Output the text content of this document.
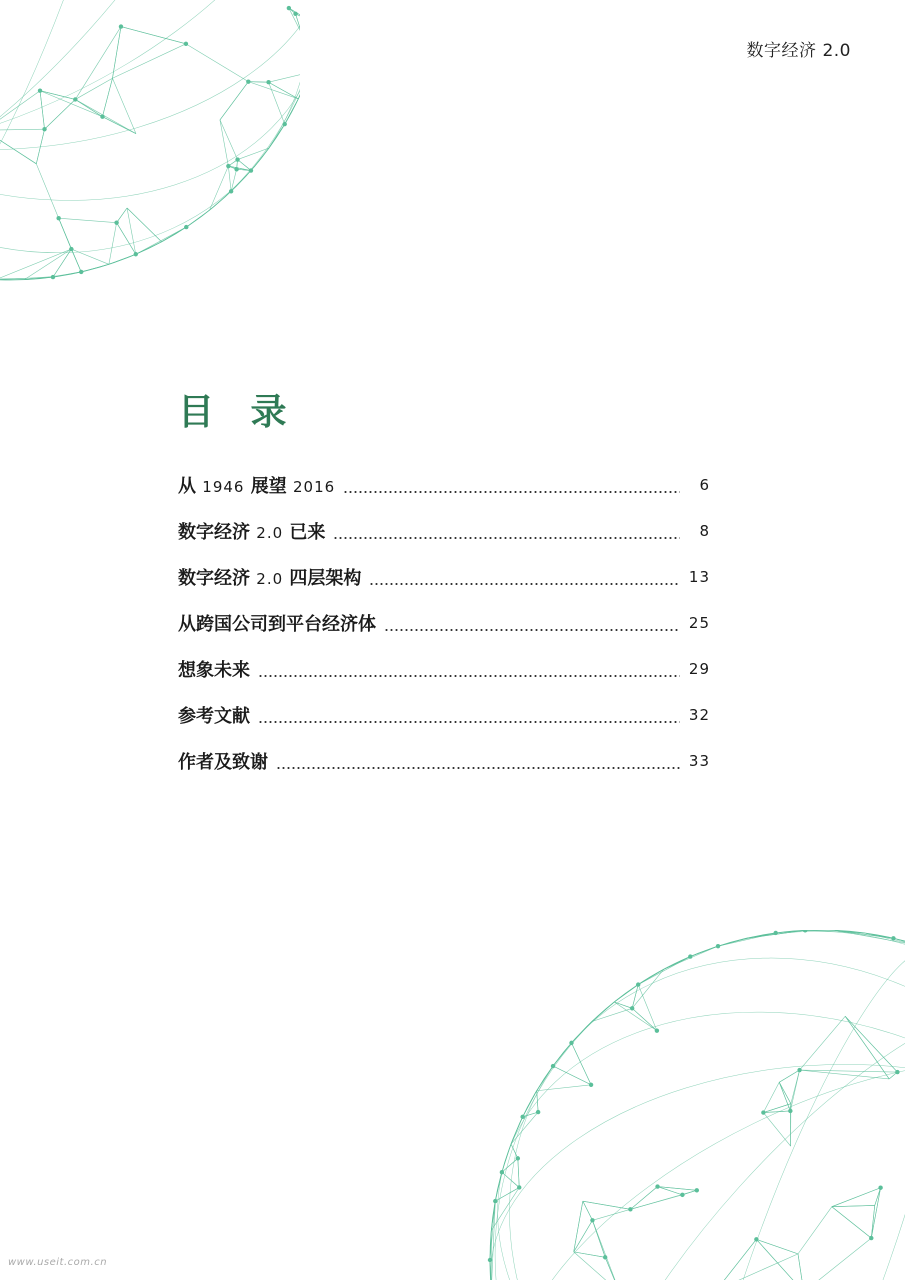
数字经济 2.0
目 录
从 1946 展望 2016	6
数字经济 2.0 已来	8
数字经济 2.0 四层架构	13
从跨国公司到平台经济体	25
想象未来	29
参考文献	32
作者及致谢	33
www.useit.com.cn
